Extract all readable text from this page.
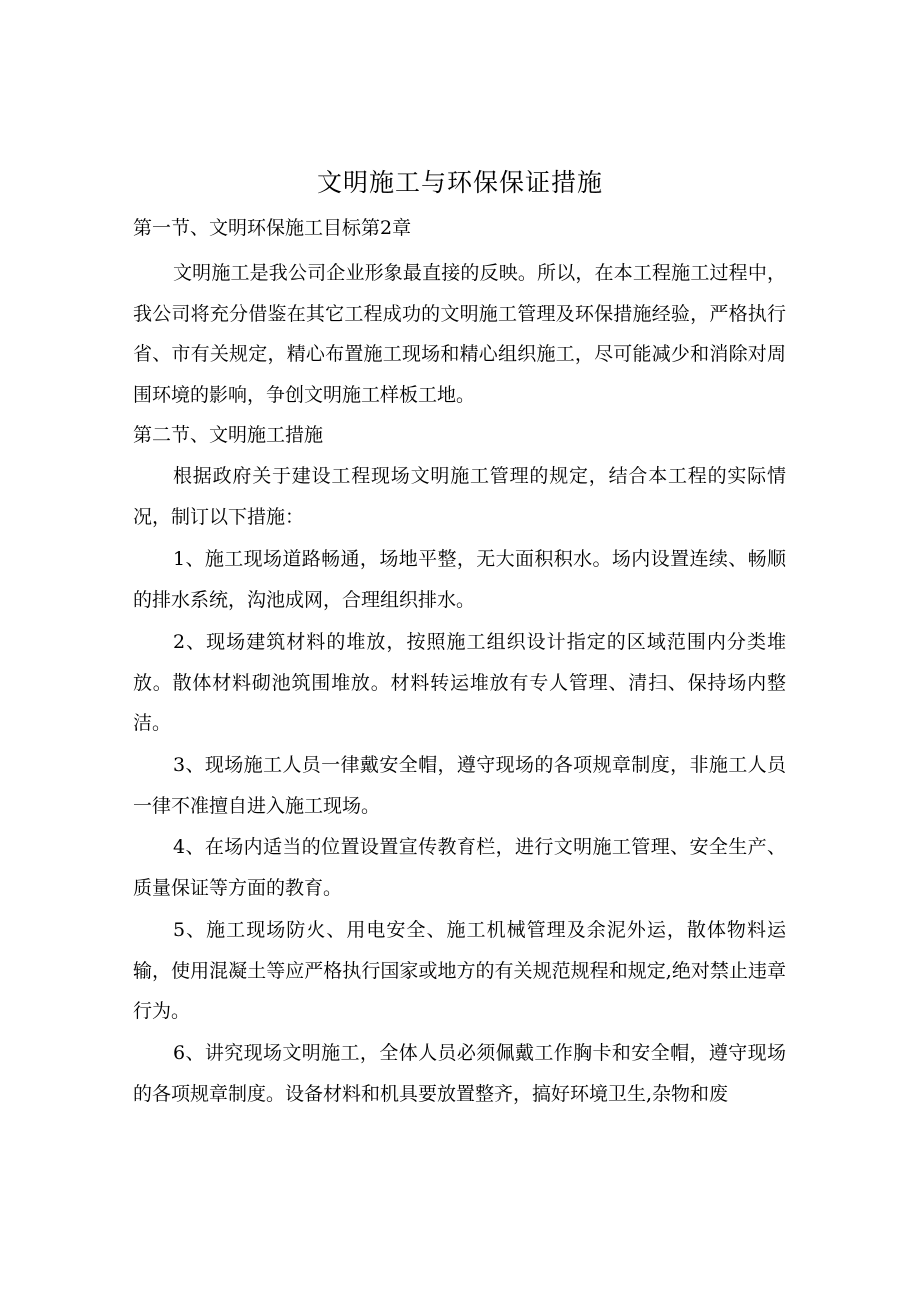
文明施工与环保保证措施
第一节、文明环保施工目标第2章

文明施工是我公司企业形象最直接的反映。所以，在本工程施工过程中，我公司将充分借鉴在其它工程成功的文明施工管理及环保措施经验，严格执行省、市有关规定，精心布置施工现场和精心组织施工，尽可能减少和消除对周围环境的影响，争创文明施工样板工地。

第二节、文明施工措施

根据政府关于建设工程现场文明施工管理的规定，结合本工程的实际情况，制订以下措施：

1、施工现场道路畅通，场地平整，无大面积积水。场内设置连续、畅顺的排水系统，沟池成网，合理组织排水。

2、现场建筑材料的堆放，按照施工组织设计指定的区域范围内分类堆放。散体材料砌池筑围堆放。材料转运堆放有专人管理、清扫、保持场内整洁。

3、现场施工人员一律戴安全帽，遵守现场的各项规章制度，非施工人员一律不准擅自进入施工现场。

4、在场内适当的位置设置宣传教育栏，进行文明施工管理、安全生产、质量保证等方面的教育。

5、施工现场防火、用电安全、施工机械管理及余泥外运，散体物料运输，使用混凝土等应严格执行国家或地方的有关规范规程和规定,绝对禁止违章行为。

6、讲究现场文明施工，全体人员必须佩戴工作胸卡和安全帽，遵守现场的各项规章制度。设备材料和机具要放置整齐，搞好环境卫生,杂物和废
